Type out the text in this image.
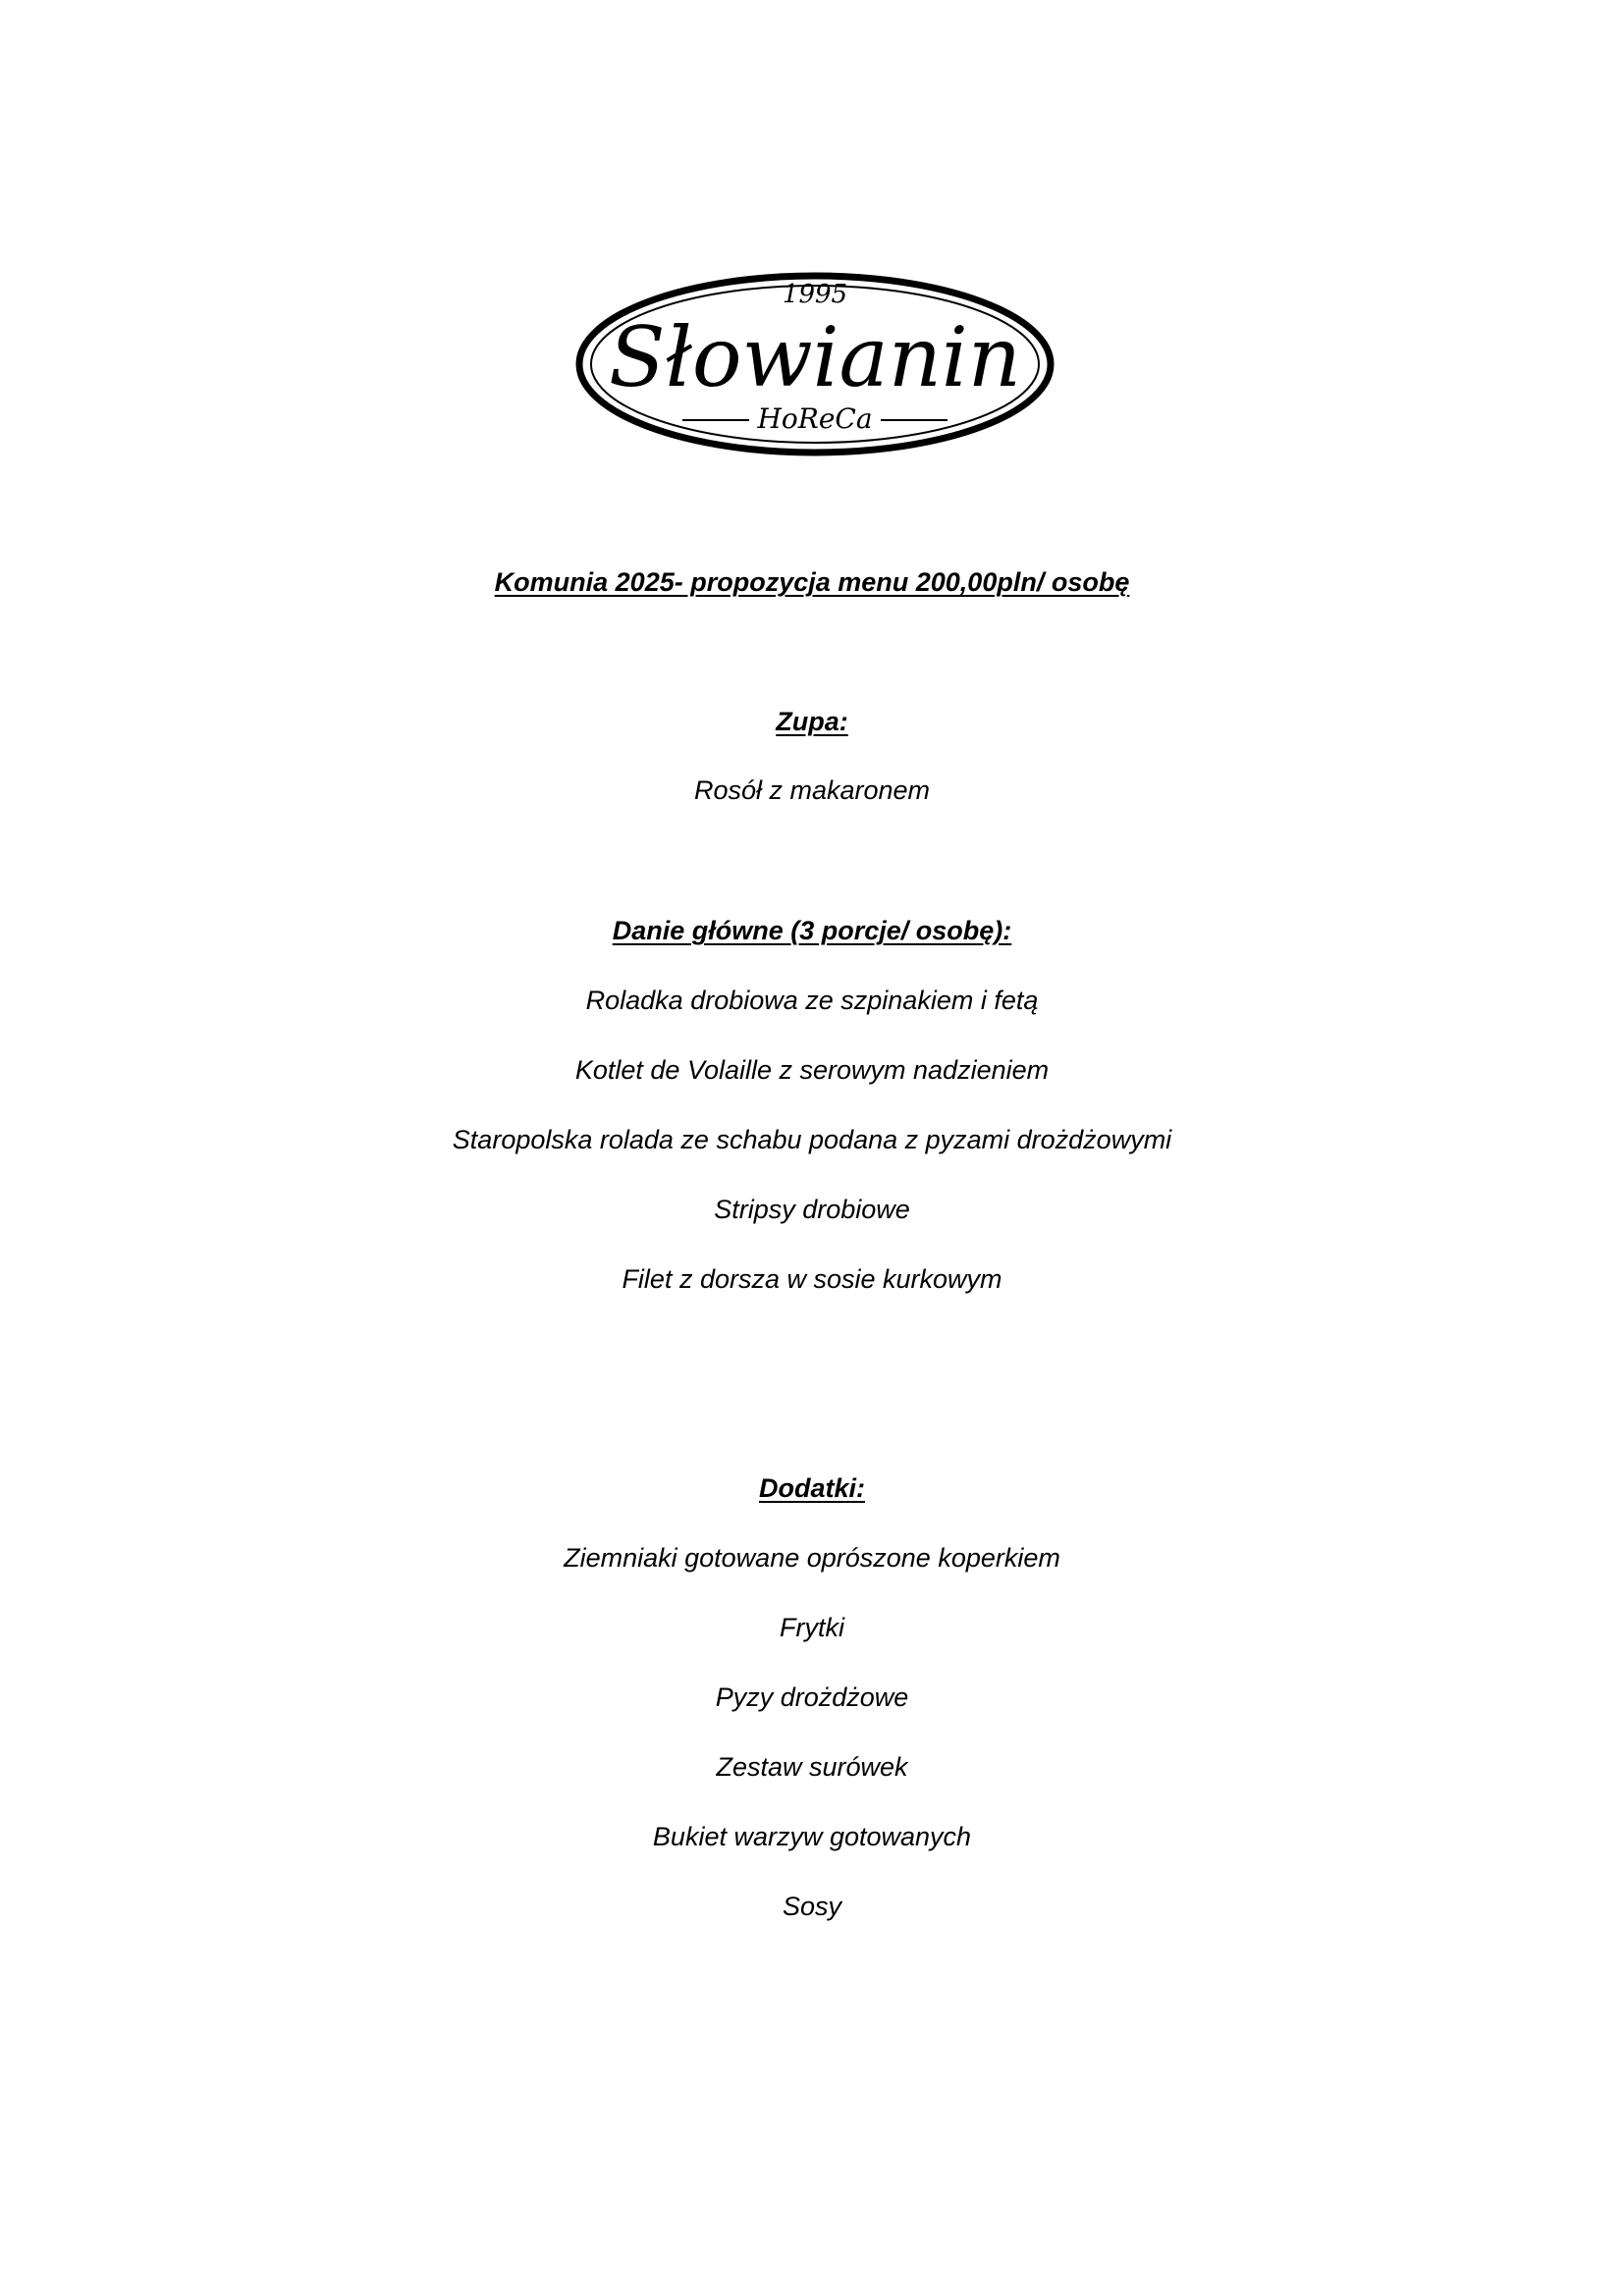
1995
Słowianin
HoReCa
Komunia 2025- propozycja menu 200,00pln/ osobę
Zupa:
Rosół z makaronem
Danie główne (3 porcje/ osobę):
Roladka drobiowa ze szpinakiem i fetą
Kotlet de Volaille z serowym nadzieniem
Staropolska rolada ze schabu podana z pyzami drożdżowymi
Stripsy drobiowe
Filet z dorsza w sosie kurkowym
Dodatki:
Ziemniaki gotowane oprószone koperkiem
Frytki
Pyzy drożdżowe
Zestaw surówek
Bukiet warzyw gotowanych
Sosy
